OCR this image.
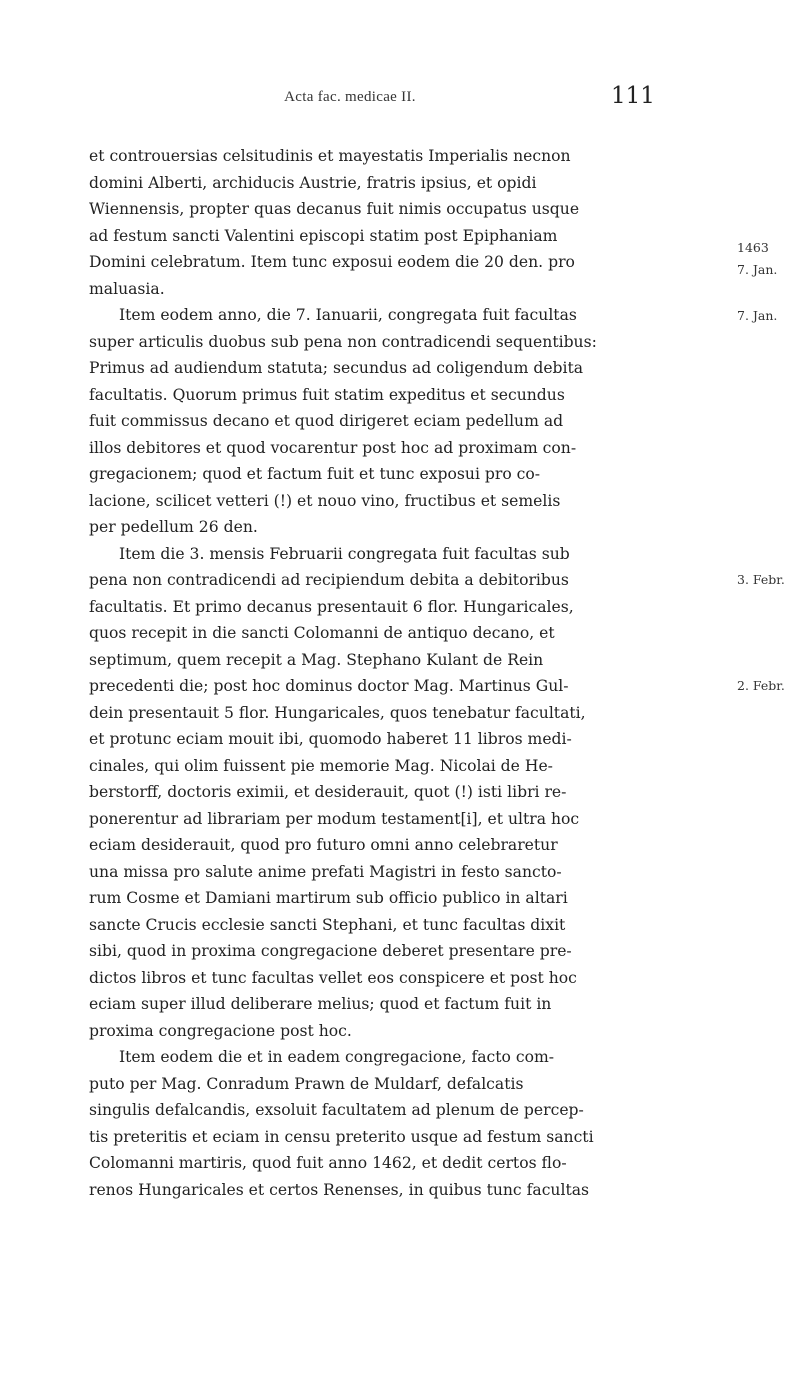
Acta fac. medicae II.	111
et controuersias celsitudinis et mayestatis Imperialis necnon
domini Alberti, archiducis Austrie, fratris ipsius, et opidi
Wiennensis, propter quas decanus fuit nimis occupatus usque
ad festum sancti Valentini episcopi statim post Epiphaniam
Domini celebratum. Item tunc exposui eodem die 20 den. pro
maluasia.
Item eodem anno, die 7. Ianuarii, congregata fuit facultas
super articulis duobus sub pena non contradicendi sequentibus:
Primus ad audiendum statuta; secundus ad coligendum debita
facultatis. Quorum primus fuit statim expeditus et secundus
fuit commissus decano et quod dirigeret eciam pedellum ad
illos debitores et quod vocarentur post hoc ad proximam con-
gregacionem; quod et factum fuit et tunc exposui pro co-
lacione, scilicet vetteri (!) et nouo vino, fructibus et semelis
per pedellum 26 den.
Item die 3. mensis Februarii congregata fuit facultas sub
pena non contradicendi ad recipiendum debita a debitoribus
facultatis. Et primo decanus presentauit 6 flor. Hungaricales,
quos recepit in die sancti Colomanni de antiquo decano, et
septimum, quem recepit a Mag. Stephano Kulant de Rein
precedenti die; post hoc dominus doctor Mag. Martinus Gul-
dein presentauit 5 flor. Hungaricales, quos tenebatur facultati,
et protunc eciam mouit ibi, quomodo haberet 11 libros medi-
cinales, qui olim fuissent pie memorie Mag. Nicolai de He-
berstorff, doctoris eximii, et desiderauit, quot (!) isti libri re-
ponerentur ad librariam per modum testament[i], et ultra hoc
eciam desiderauit, quod pro futuro omni anno celebraretur
una missa pro salute anime prefati Magistri in festo sancto-
rum Cosme et Damiani martirum sub officio publico in altari
sancte Crucis ecclesie sancti Stephani, et tunc facultas dixit
sibi, quod in proxima congregacione deberet presentare pre-
dictos libros et tunc facultas vellet eos conspicere et post hoc
eciam super illud deliberare melius; quod et factum fuit in
proxima congregacione post hoc.
Item eodem die et in eadem congregacione, facto com-
puto per Mag. Conradum Prawn de Muldarf, defalcatis
singulis defalcandis, exsoluit facultatem ad plenum de percep-
tis preteritis et eciam in censu preterito usque ad festum sancti
Colomanni martiris, quod fuit anno 1462, et dedit certos flo-
renos Hungaricales et certos Renenses, in quibus tunc facultas
1463
7. Jan.
7. Jan.
3. Febr.
2. Febr.
